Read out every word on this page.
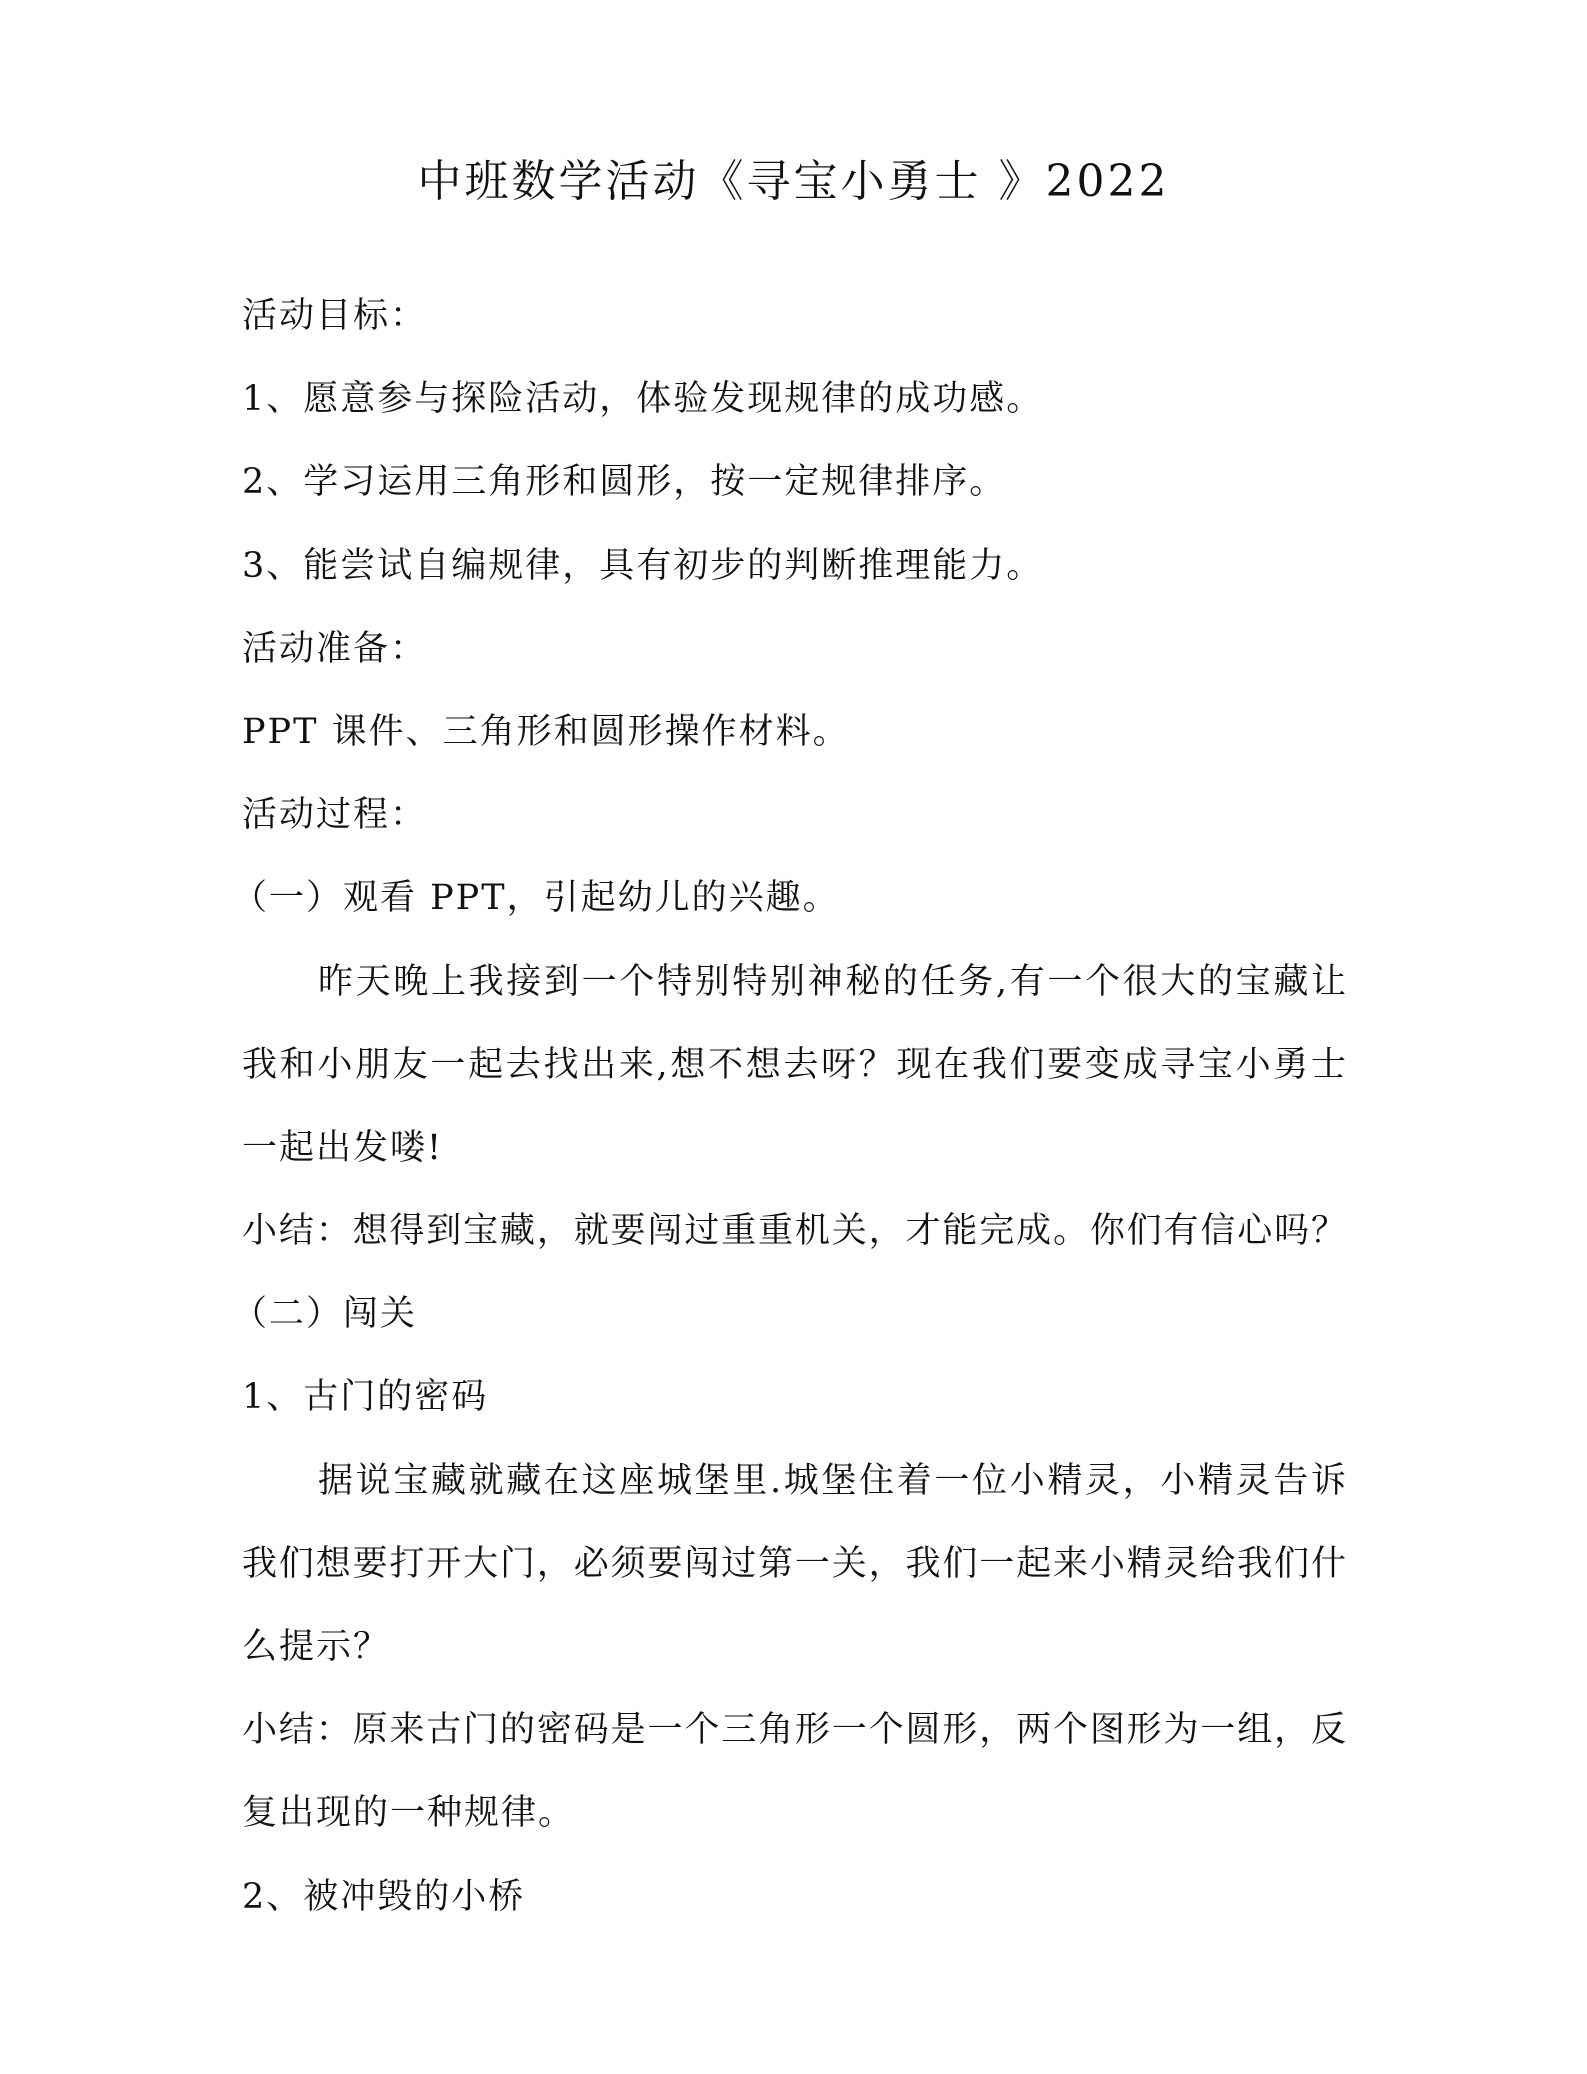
中班数学活动《寻宝小勇士 》2022
活动目标：
1、愿意参与探险活动，体验发现规律的成功感。
2、学习运用三角形和圆形，按一定规律排序。
3、能尝试自编规律，具有初步的判断推理能力。
活动准备：
PPT 课件、三角形和圆形操作材料。
活动过程：
（一）观看 PPT，引起幼儿的兴趣。
昨天晚上我接到一个特别特别神秘的任务,有一个很大的宝藏让
我和小朋友一起去找出来,想不想去呀？现在我们要变成寻宝小勇士
一起出发喽!
小结：想得到宝藏，就要闯过重重机关，才能完成。你们有信心吗？
（二）闯关
1、古门的密码
据说宝藏就藏在这座城堡里.城堡住着一位小精灵，小精灵告诉
我们想要打开大门，必须要闯过第一关，我们一起来小精灵给我们什
么提示？
小结：原来古门的密码是一个三角形一个圆形，两个图形为一组，反
复出现的一种规律。
2、被冲毁的小桥
